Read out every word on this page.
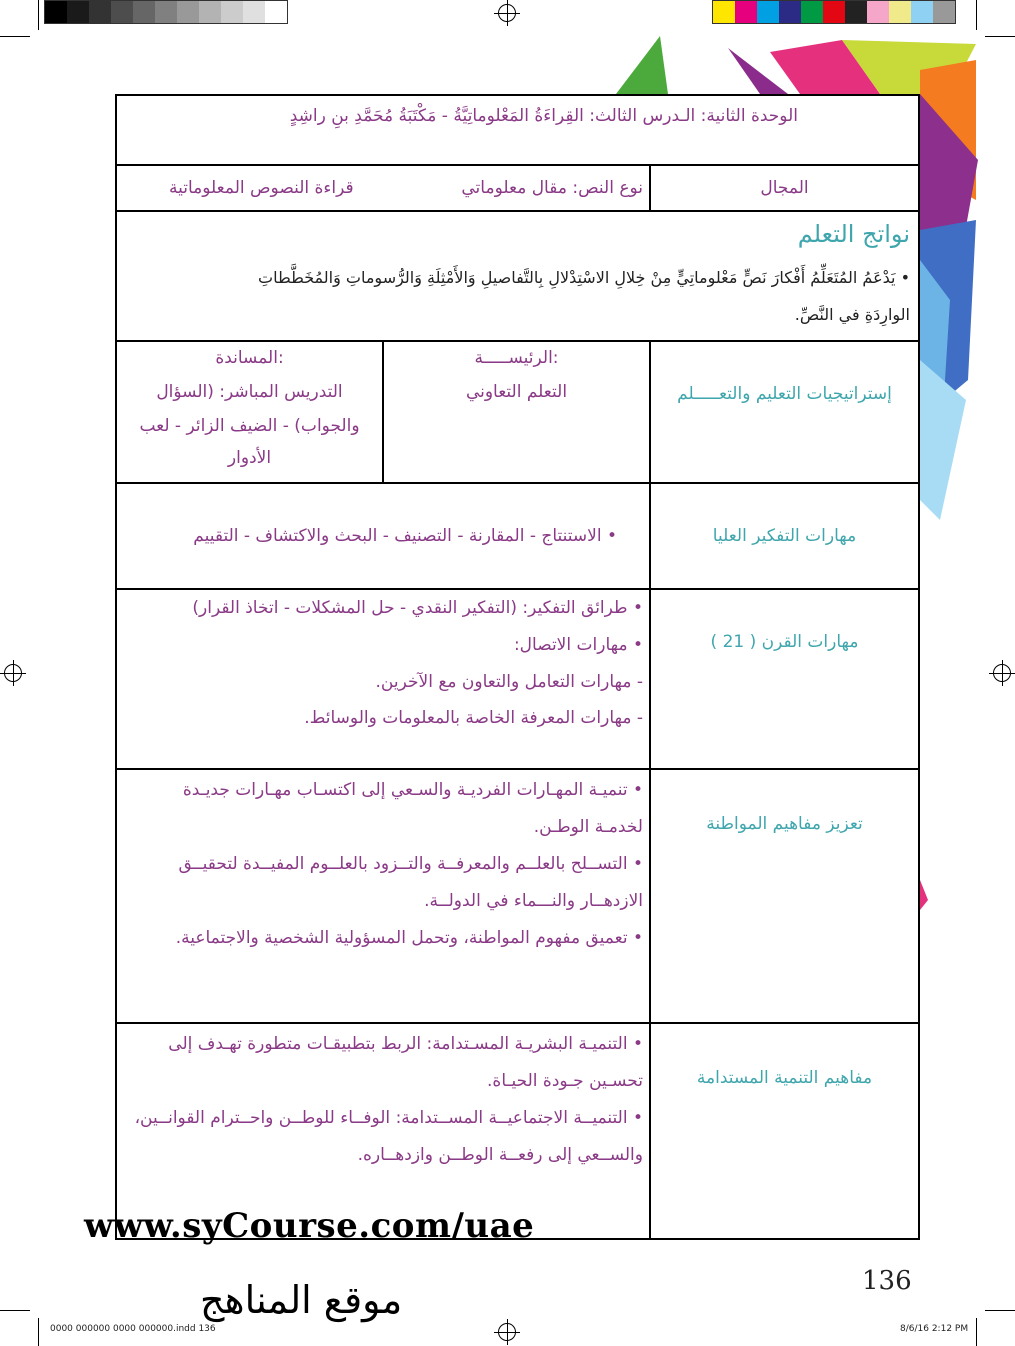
الوحدة الثانية: الـدرس الثالث: القِراءَةُ المَعْلوماتِيَّةُ - مَكْتَبَةُ مُحَمَّدِ بنِ راشِدٍ
المجال
نوع النص: مقال معلوماتي
قراءة النصوص المعلوماتية
نواتج التعلم
• يَدْعَمُ المُتَعَلِّمُ أَفْكارَ نَصٍّ مَعْلوماتِيٍّ مِنْ خِلالِ الاسْتِدْلالِ بِالتَّفاصيلِ وَالأَمْثِلَةِ وَالرُّسوماتِ وَالمُخَطَّطاتِ
الوارِدَةِ في النَّصِّ.
إستراتيجيات التعليم والتعـــــلم
الرئيســـــة:
التعلم التعاوني
المساندة:
التدريس المباشر: (السؤال
والجواب) - الضيف الزائر - لعب
الأدوار
مهارات التفكير العليا
• الاستنتاج - المقارنة - التصنيف - البحث والاكتشاف - التقييم
مهارات القرن ( 21 )
• طرائق التفكير: (التفكير النقدي - حل المشكلات - اتخاذ القرار)
• مهارات الاتصال:
- مهارات التعامل والتعاون مع الآخرين.
- مهارات المعرفة الخاصة بالمعلومات والوسائط.
تعزيز مفاهيم المواطنة
• تنميـة المهـارات الفرديـة والسـعي إلى اكتسـاب مهـارات جديـدة
لخدمـة الوطـن.
• التســلح بالعلــم والمعرفــة والتــزود بالعلــوم المفيــدة لتحقيــق
الازدهــار والنـــماء في الدولــة.
• تعميق مفهوم المواطنة، وتحمل المسؤولية الشخصية والاجتماعية.
مفاهيم التنمية المستدامة
• التنميـة البشريـة المسـتدامة: الربط بتطبيقـات متطورة تهـدف إلى
تحسـين جـودة الحيـاة.
• التنميــة الاجتماعيــة المســتدامة: الوفــاء للوطــن واحــترام القوانــين،
والســعي إلى رفعــة الوطــن وازدهــاره.
www.syCourse.com/uae
136
موقع المناهج
0000 000000 0000 000000.indd 136	8/6/16 2:12 PM
